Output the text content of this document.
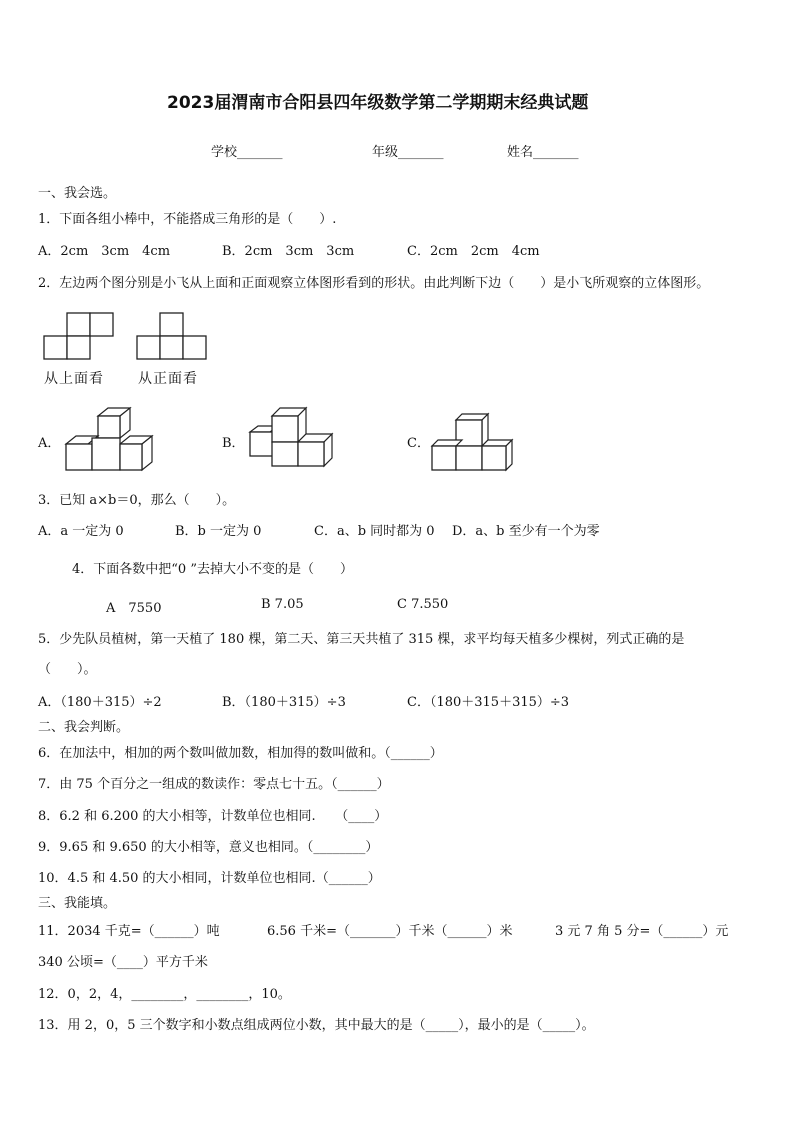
2023届渭南市合阳县四年级数学第二学期期末经典试题
学校_______	年级_______	姓名_______
一、我会选。
1．下面各组小棒中，不能搭成三角形的是（　　）.
A．2cm　3cm　4cm	B．2cm　3cm　3cm	C．2cm　2cm　4cm
2．左边两个图分别是小飞从上面和正面观察立体图形看到的形状。由此判断下边（　　）是小飞所观察的立体图形。
从上面看 从正面看
A．	B．	C．
3．已知 a×b＝0，那么（　　）。
A．a 一定为 0	B．b 一定为 0	C．a、b 同时都为 0 D．a、b 至少有一个为零
4．下面各数中把“0 ”去掉大小不变的是（　　）
A　7550	B 7.05	C 7.550
5．少先队员植树，第一天植了 180 棵，第二天、第三天共植了 315 棵，求平均每天植多少棵树，列式正确的是
（　　）。
A．（180＋315）÷2	B．（180＋315）÷3	C．（180＋315＋315）÷3
二、我会判断。
6．在加法中，相加的两个数叫做加数，相加得的数叫做和。（______）
7．由 75 个百分之一组成的数读作：零点七十五。（______）
8．6.2 和 6.200 的大小相等，计数单位也相同.　　（____）
9．9.65 和 9.650 的大小相等，意义也相同。（________）
10．4.5 和 4.50 的大小相同，计数单位也相同.（______）
三、我能填。
11．2034 千克=（______）吨	6.56 千米=（_______）千米（______）米	3 元 7 角 5 分=（______）元
340 公顷=（____）平方千米
12．0，2，4，________，________，10。
13．用 2，0，5 三个数字和小数点组成两位小数，其中最大的是（_____），最小的是（_____）。
